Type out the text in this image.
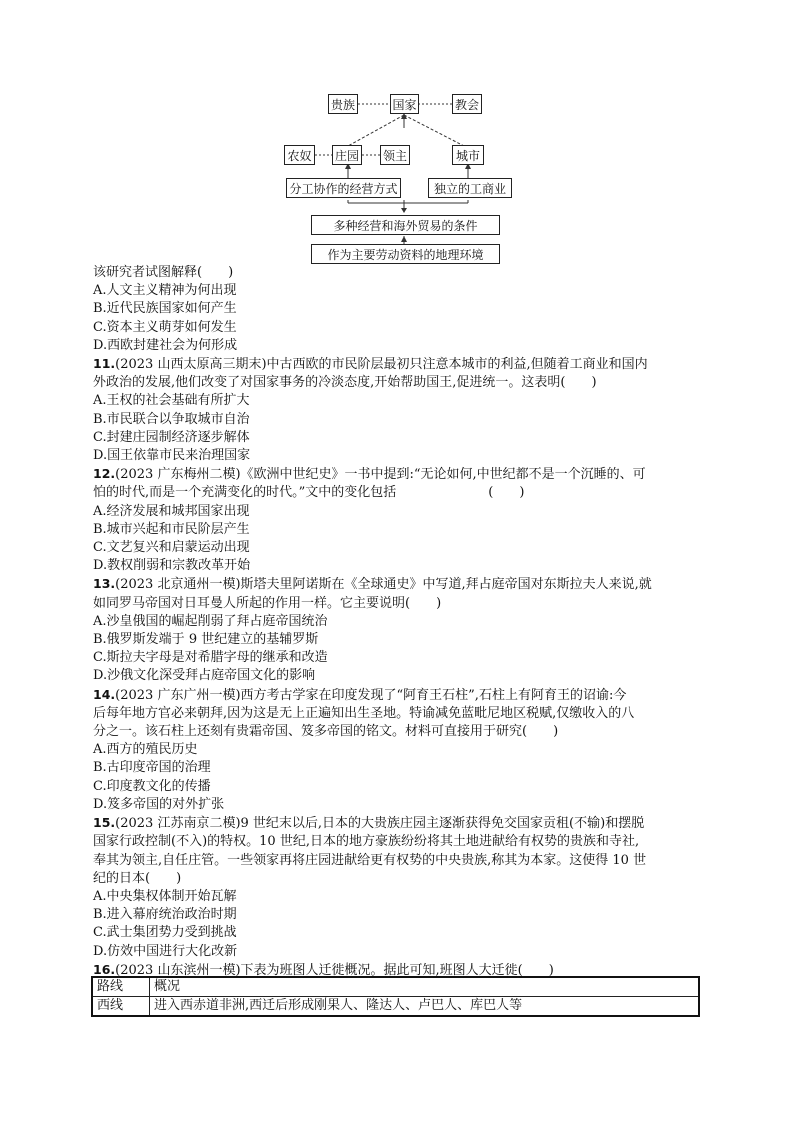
贵族	国家	教会
农奴 庄园 领主	城市
分工协作的经营方式	独立的工商业
多种经营和海外贸易的条件
作为主要劳动资料的地理环境
该研究者试图解释(　　)
A.人文主义精神为何出现
B.近代民族国家如何产生
C.资本主义萌芽如何发生
D.西欧封建社会为何形成
11.(2023 山西太原高三期末)中古西欧的市民阶层最初只注意本城市的利益,但随着工商业和国内
外政治的发展,他们改变了对国家事务的冷淡态度,开始帮助国王,促进统一。这表明(　　)
A.王权的社会基础有所扩大
B.市民联合以争取城市自治
C.封建庄园制经济逐步解体
D.国王依靠市民来治理国家
12.(2023 广东梅州二模)《欧洲中世纪史》一书中提到:“无论如何,中世纪都不是一个沉睡的、可
怕的时代,而是一个充满变化的时代。”文中的变化包括	(　　)
A.经济发展和城邦国家出现
B.城市兴起和市民阶层产生
C.文艺复兴和启蒙运动出现
D.教权削弱和宗教改革开始
13.(2023 北京通州一模)斯塔夫里阿诺斯在《全球通史》中写道,拜占庭帝国对东斯拉夫人来说,就
如同罗马帝国对日耳曼人所起的作用一样。它主要说明(　　)
A.沙皇俄国的崛起削弱了拜占庭帝国统治
B.俄罗斯发端于 9 世纪建立的基辅罗斯
C.斯拉夫字母是对希腊字母的继承和改造
D.沙俄文化深受拜占庭帝国文化的影响
14.(2023 广东广州一模)西方考古学家在印度发现了“阿育王石柱”,石柱上有阿育王的诏谕:今
后每年地方官必来朝拜,因为这是无上正遍知出生圣地。特谕减免蓝毗尼地区税赋,仅缴收入的八
分之一。该石柱上还刻有贵霜帝国、笈多帝国的铭文。材料可直接用于研究(　　)
A.西方的殖民历史
B.古印度帝国的治理
C.印度教文化的传播
D.笈多帝国的对外扩张
15.(2023 江苏南京二模)9 世纪末以后,日本的大贵族庄园主逐渐获得免交国家贡租(不输)和摆脱
国家行政控制(不入)的特权。10 世纪,日本的地方豪族纷纷将其土地进献给有权势的贵族和寺社,
奉其为领主,自任庄管。一些领家再将庄园进献给更有权势的中央贵族,称其为本家。这使得 10 世
纪的日本(　　)
A.中央集权体制开始瓦解
B.进入幕府统治政治时期
C.武士集团势力受到挑战
D.仿效中国进行大化改新
16.(2023 山东滨州一模)下表为班图人迁徙概况。据此可知,班图人大迁徙(　　)
路线	概况
西线	进入西赤道非洲,西迁后形成刚果人、隆达人、卢巴人、库巴人等
